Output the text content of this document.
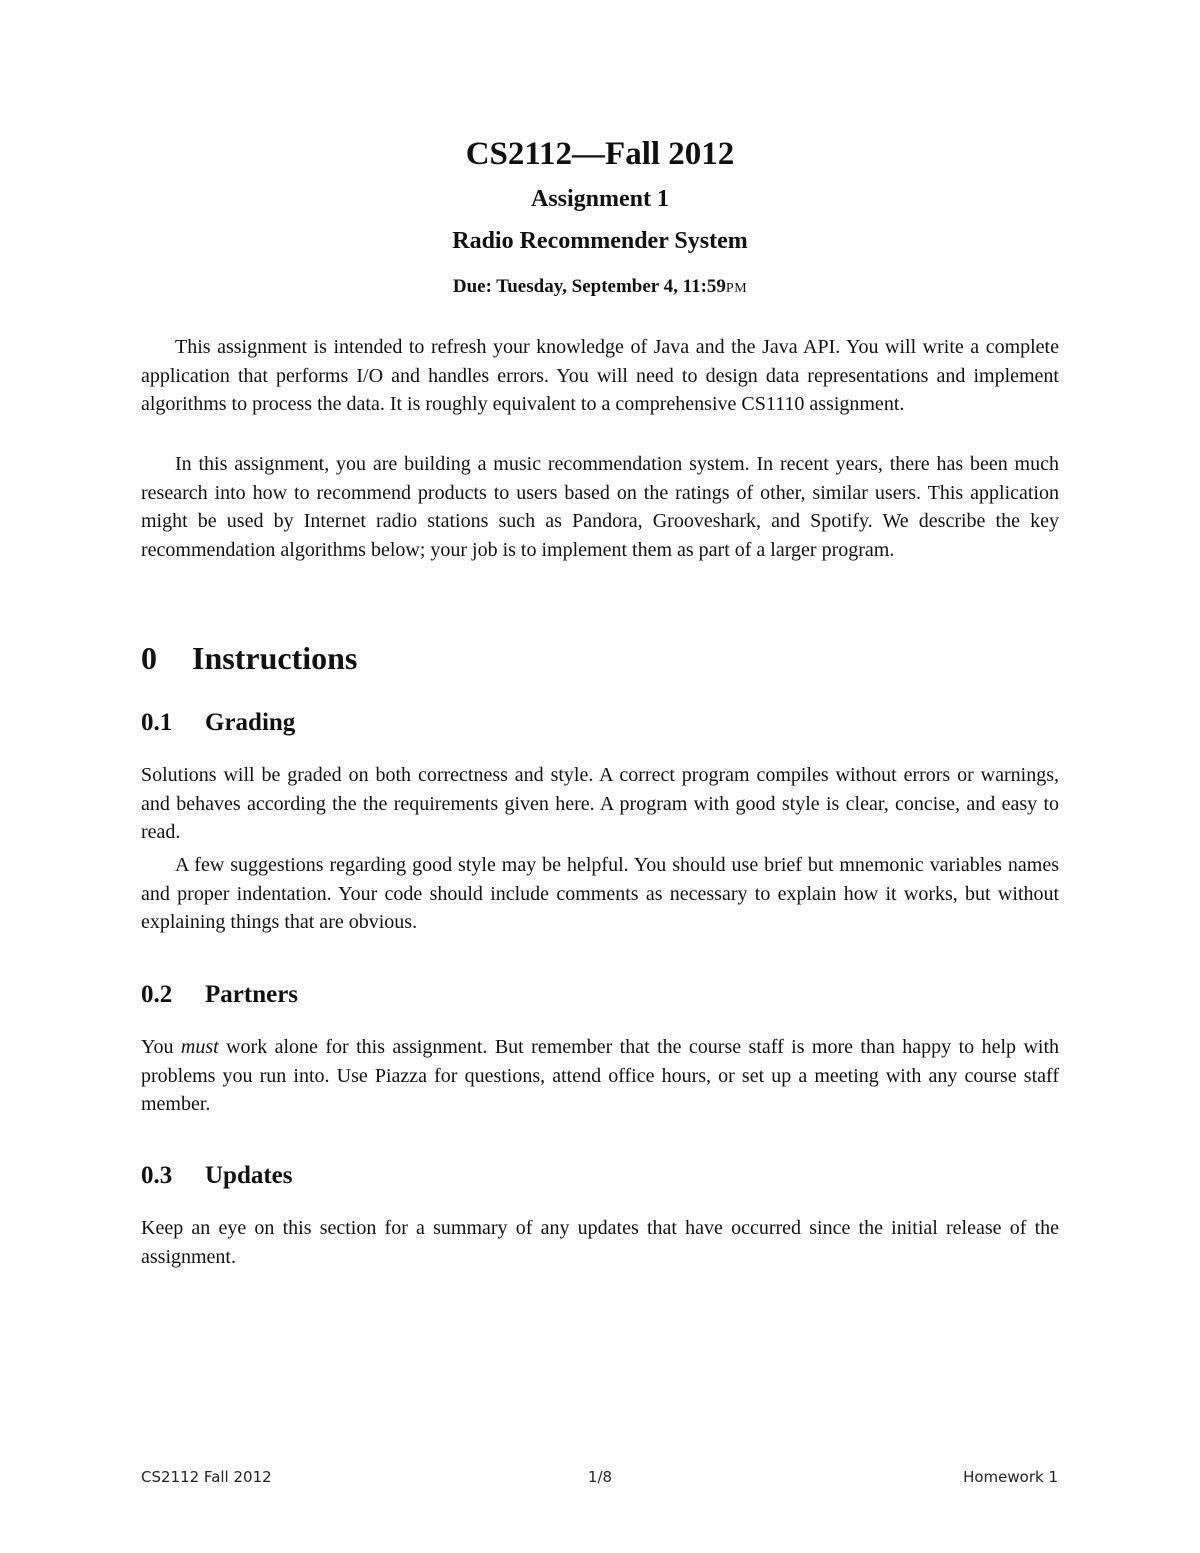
CS2112—Fall 2012
Assignment 1
Radio Recommender System
Due: Tuesday, September 4, 11:59PM

This assignment is intended to refresh your knowledge of Java and the Java API. You will write a complete application that performs I/O and handles errors. You will need to design data representations and implement algorithms to process the data. It is roughly equivalent to a comprehensive CS1110 assignment.

In this assignment, you are building a music recommendation system. In recent years, there has been much research into how to recommend products to users based on the ratings of other, similar users. This application might be used by Internet radio stations such as Pandora, Grooveshark, and Spotify. We describe the key recommendation algorithms below; your job is to implement them as part of a larger program.

0 Instructions
0.1 Grading

Solutions will be graded on both correctness and style. A correct program compiles without errors or warnings, and behaves according the the requirements given here. A program with good style is clear, concise, and easy to read.

A few suggestions regarding good style may be helpful. You should use brief but mnemonic variables names and proper indentation. Your code should include comments as necessary to explain how it works, but without explaining things that are obvious.

0.2 Partners

You must work alone for this assignment. But remember that the course staff is more than happy to help with problems you run into. Use Piazza for questions, attend office hours, or set up a meeting with any course staff member.

0.3 Updates

Keep an eye on this section for a summary of any updates that have occurred since the initial release of the assignment.

CS2112 Fall 2012	1/8	Homework 1
